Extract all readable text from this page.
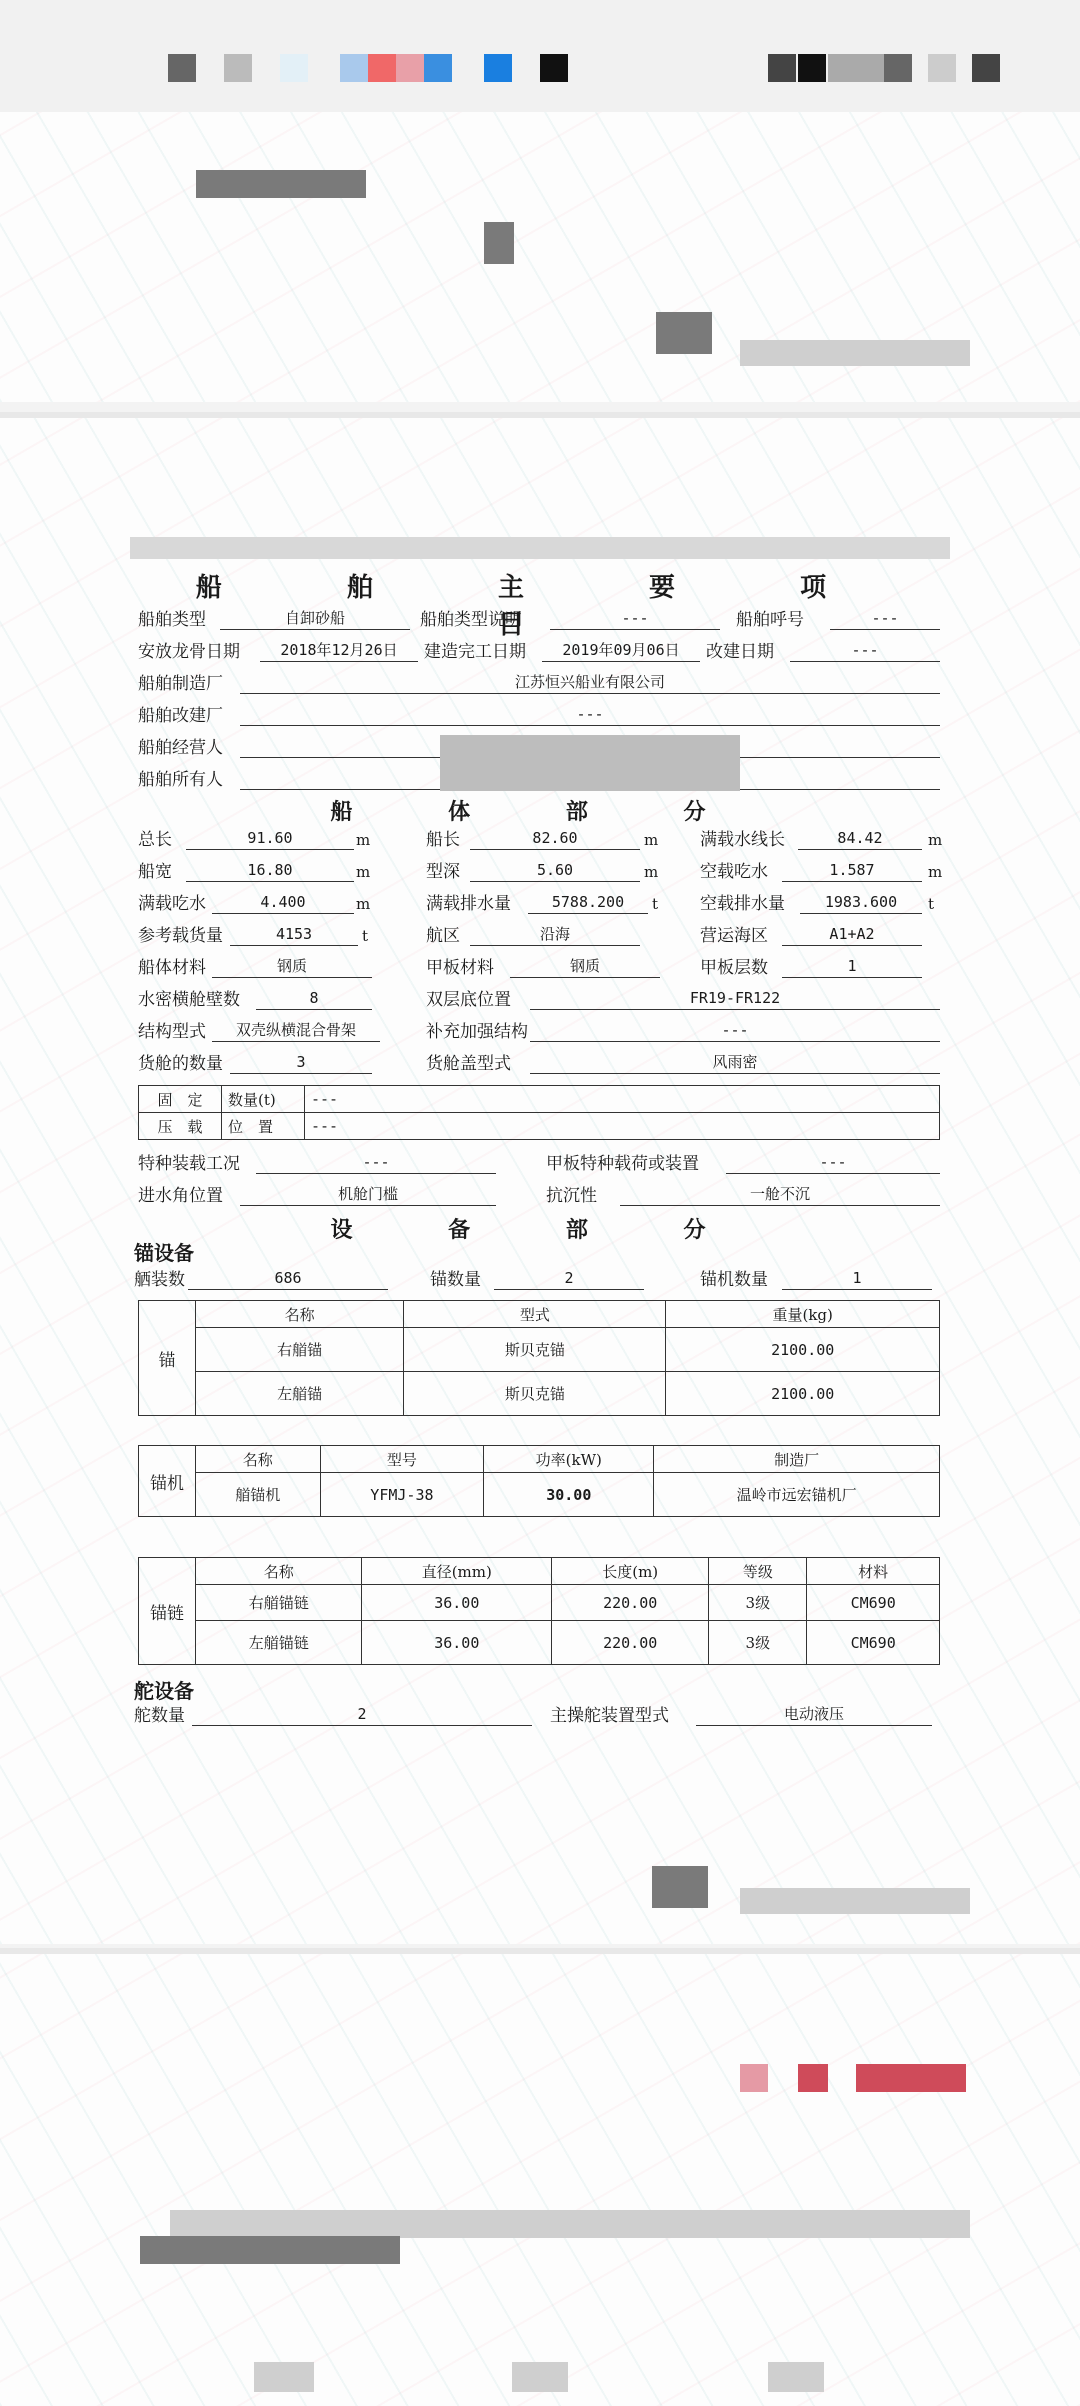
船 舶 主 要 项 目
船舶类型	自卸砂船	船舶类型说明	---	船舶呼号	---
安放龙骨日期	2018年12月26日	建造完工日期	2019年09月06日	改建日期	---
船舶制造厂	江苏恒兴船业有限公司
船舶改建厂	---
船舶经营人
船舶所有人
船 体 部 分
总长	91.60	m	船长	82.60	m 满载水线长	84.42	m
船宽	16.80	m	型深	5.60	m 空载吃水	1.587	m
满载吃水	4.400	m	满载排水量	5788.200	t 空载排水量	1983.600	t
参考载货量	4153	t	航区	沿海	营运海区	A1+A2
船体材料	钢质	甲板材料	钢质	甲板层数	1
水密横舱壁数	8	双层底位置	FR19-FR122
结构型式	双壳纵横混合骨架	补充加强结构	---
货舱的数量	3	货舱盖型式	风雨密
固　定	数量(t)	---
压　载	位　置	---
特种装载工况	---	甲板特种载荷或装置	---
进水角位置	机舱门槛	抗沉性	一舱不沉
设 备 部 分
锚设备
舾装数	686	锚数量	2	锚机数量	1
锚	名称	型式	重量(kg)
	右艏锚	斯贝克锚	2100.00
	左艏锚	斯贝克锚	2100.00
锚机	名称	型号	功率(kW)	制造厂
	艏锚机	YFMJ-38	30.00	温岭市远宏锚机厂
锚链	名称	直径(mm)	长度(m)	等级	材料
	右艏锚链	36.00	220.00	3级	CM690
	左艏锚链	36.00	220.00	3级	CM690
舵设备
舵数量	2	主操舵装置型式	电动液压
